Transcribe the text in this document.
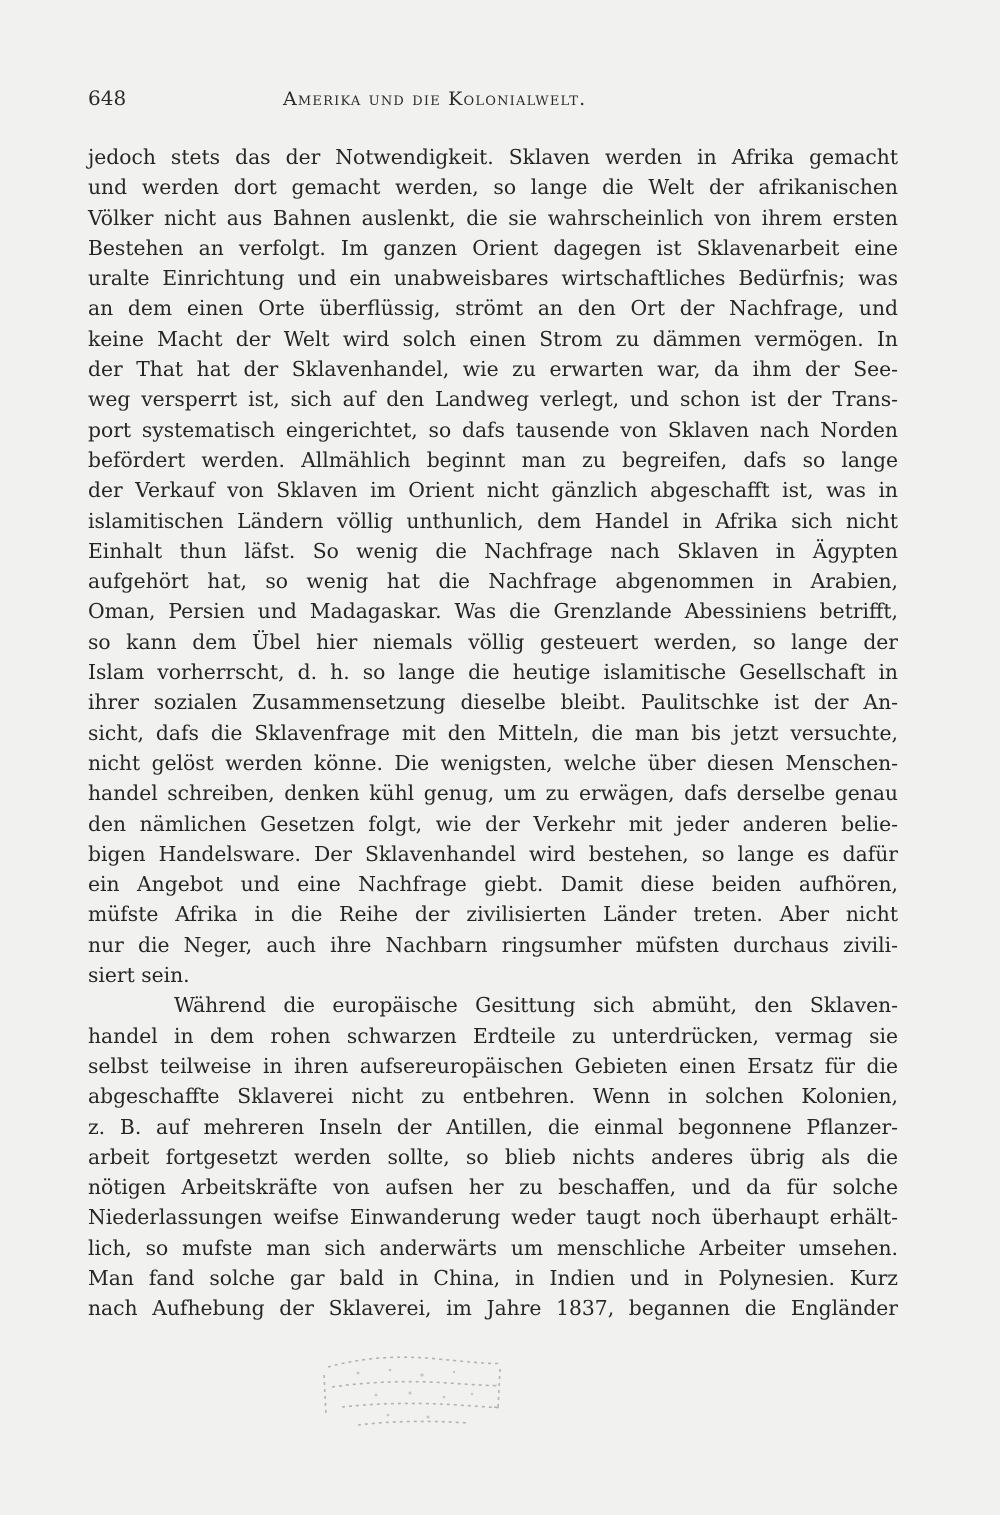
648	Amerika und die Kolonialwelt.
jedoch stets das der Notwendigkeit. Sklaven werden in Afrika gemacht
und werden dort gemacht werden, so lange die Welt der afrikanischen
Völker nicht aus Bahnen auslenkt, die sie wahrscheinlich von ihrem ersten
Bestehen an verfolgt. Im ganzen Orient dagegen ist Sklavenarbeit eine
uralte Einrichtung und ein unabweisbares wirtschaftliches Bedürfnis; was
an dem einen Orte überflüssig, strömt an den Ort der Nachfrage, und
keine Macht der Welt wird solch einen Strom zu dämmen vermögen. In
der That hat der Sklavenhandel, wie zu erwarten war, da ihm der See-
weg versperrt ist, sich auf den Landweg verlegt, und schon ist der Trans-
port systematisch eingerichtet, so dafs tausende von Sklaven nach Norden
befördert werden. Allmählich beginnt man zu begreifen, dafs so lange
der Verkauf von Sklaven im Orient nicht gänzlich abgeschafft ist, was in
islamitischen Ländern völlig unthunlich, dem Handel in Afrika sich nicht
Einhalt thun läfst. So wenig die Nachfrage nach Sklaven in Ägypten
aufgehört hat, so wenig hat die Nachfrage abgenommen in Arabien,
Oman, Persien und Madagaskar. Was die Grenzlande Abessiniens betrifft,
so kann dem Übel hier niemals völlig gesteuert werden, so lange der
Islam vorherrscht, d. h. so lange die heutige islamitische Gesellschaft in
ihrer sozialen Zusammensetzung dieselbe bleibt. Paulitschke ist der An-
sicht, dafs die Sklavenfrage mit den Mitteln, die man bis jetzt versuchte,
nicht gelöst werden könne. Die wenigsten, welche über diesen Menschen-
handel schreiben, denken kühl genug, um zu erwägen, dafs derselbe genau
den nämlichen Gesetzen folgt, wie der Verkehr mit jeder anderen belie-
bigen Handelsware. Der Sklavenhandel wird bestehen, so lange es dafür
ein Angebot und eine Nachfrage giebt. Damit diese beiden aufhören,
müfste Afrika in die Reihe der zivilisierten Länder treten. Aber nicht
nur die Neger, auch ihre Nachbarn ringsumher müfsten durchaus zivili-
siert sein.
Während die europäische Gesittung sich abmüht, den Sklaven-
handel in dem rohen schwarzen Erdteile zu unterdrücken, vermag sie
selbst teilweise in ihren aufsereuropäischen Gebieten einen Ersatz für die
abgeschaffte Sklaverei nicht zu entbehren. Wenn in solchen Kolonien,
z. B. auf mehreren Inseln der Antillen, die einmal begonnene Pflanzer-
arbeit fortgesetzt werden sollte, so blieb nichts anderes übrig als die
nötigen Arbeitskräfte von aufsen her zu beschaffen, und da für solche
Niederlassungen weifse Einwanderung weder taugt noch überhaupt erhält-
lich, so mufste man sich anderwärts um menschliche Arbeiter umsehen.
Man fand solche gar bald in China, in Indien und in Polynesien. Kurz
nach Aufhebung der Sklaverei, im Jahre 1837, begannen die Engländer
